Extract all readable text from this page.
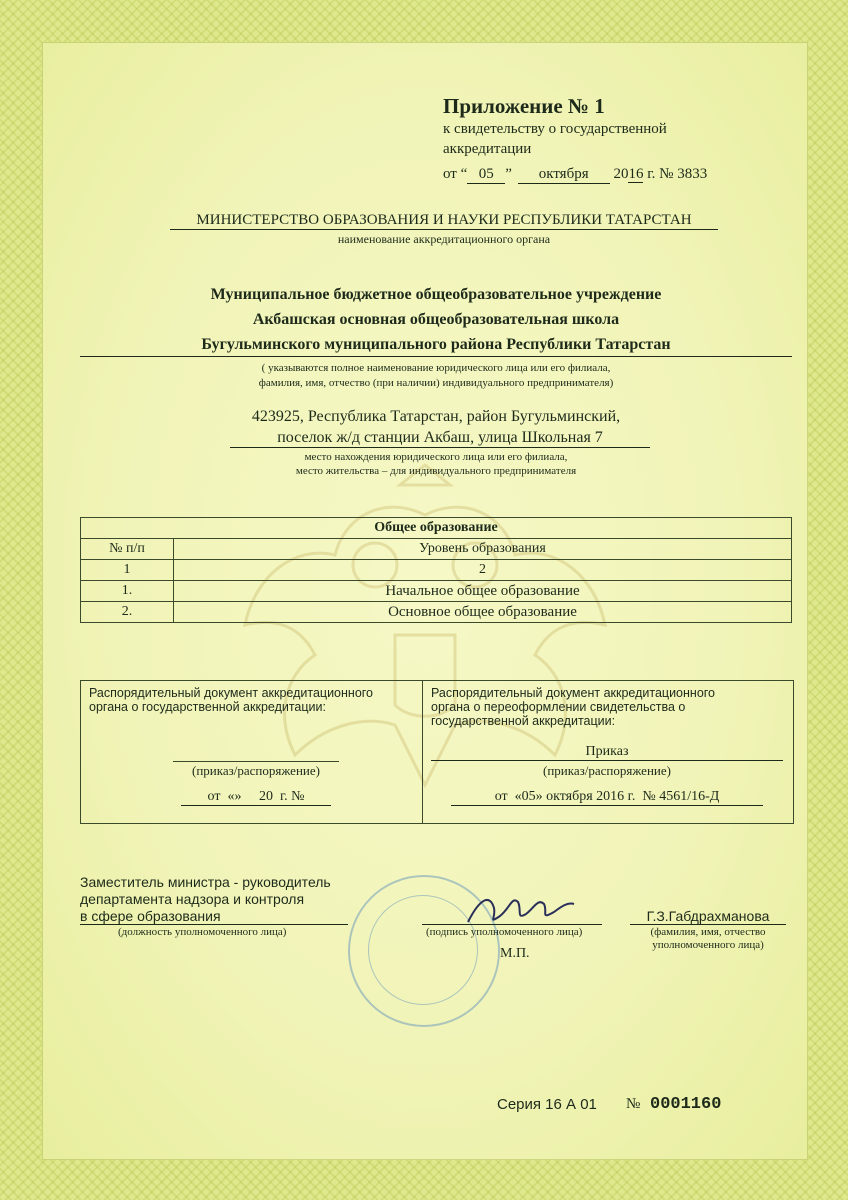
Приложение № 1
к свидетельству о государственной
аккредитации
от “ 05 ” октября 2016 г. № 3833
МИНИСТЕРСТВО ОБРАЗОВАНИЯ И НАУКИ РЕСПУБЛИКИ ТАТАРСТАН
наименование аккредитационного органа
Муниципальное бюджетное общеобразовательное учреждение
Акбашская основная общеобразовательная школа
Бугульминского муниципального района Республики Татарстан
( указываются полное наименование юридического лица или его филиала,
фамилия, имя, отчество (при наличии) индивидуального предпринимателя)
423925, Республика Татарстан, район Бугульминский,
поселок ж/д станции Акбаш, улица Школьная 7
место нахождения юридического лица или его филиала,
место жительства – для индивидуального предпринимателя
Общее образование	
№ п/п	Уровень образования
1	2
1.	Начальное общее образование
2.	Основное общее образование
Распорядительный документ аккредитационного
органа о государственной аккредитации:
(приказ/распоряжение)
от  «»     20  г. №
Распорядительный документ аккредитационного
органа о переоформлении свидетельства о
государственной аккредитации:
Приказ
(приказ/распоряжение)
от  «05» октября 2016 г.  № 4561/16-Д
Заместитель министра - руководитель
департамента надзора и контроля
в сфере образования
(должность уполномоченного лица)	(подпись уполномоченного лица)
М.П.
Г.З.Габдрахманова
(фамилия, имя, отчество
уполномоченного лица)
Серия 16 А 01 № 0001160
